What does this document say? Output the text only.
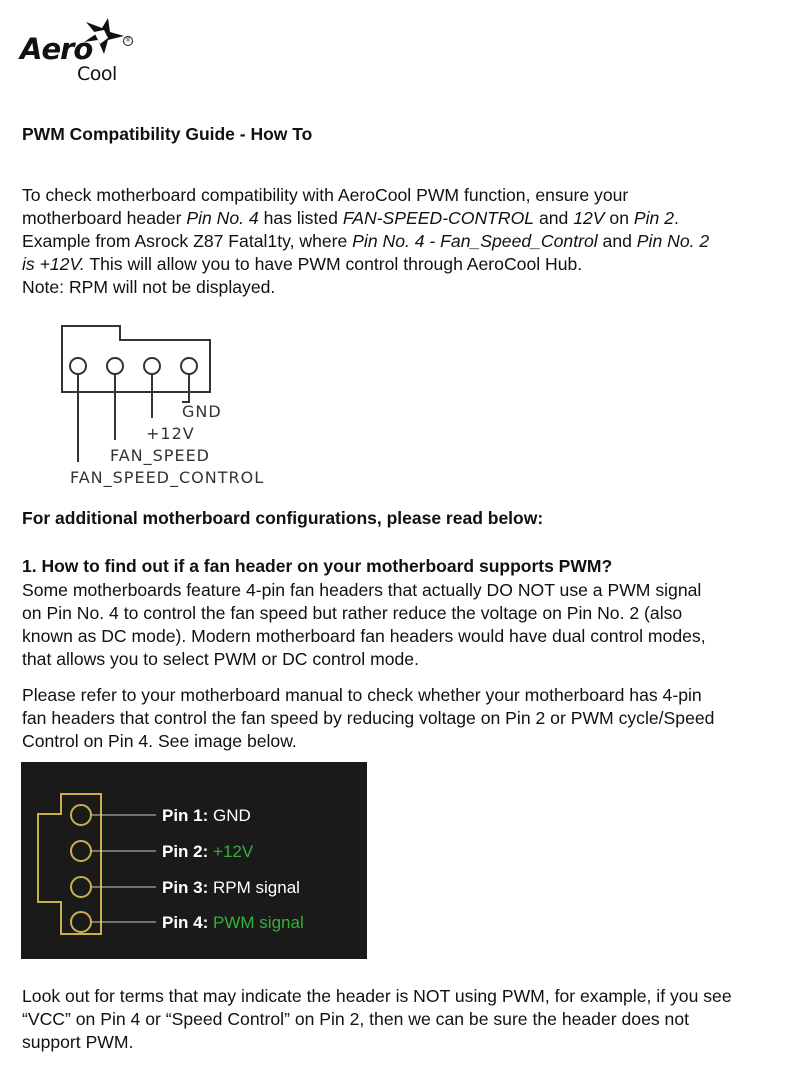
Aero
Cool
®
PWM Compatibility Guide - How To
To check motherboard compatibility with AeroCool PWM function, ensure your
motherboard header Pin No. 4 has listed FAN-SPEED-CONTROL and 12V on Pin 2.
Example from Asrock Z87 Fatal1ty, where Pin No. 4 - Fan_Speed_Control and Pin No. 2
is +12V. This will allow you to have PWM control through AeroCool Hub.
Note: RPM will not be displayed.
GND
+12V
FAN_SPEED
FAN_SPEED_CONTROL
For additional motherboard configurations, please read below:
1. How to find out if a fan header on your motherboard supports PWM?
Some motherboards feature 4-pin fan headers that actually DO NOT use a PWM signal
on Pin No. 4 to control the fan speed but rather reduce the voltage on Pin No. 2 (also
known as DC mode). Modern motherboard fan headers would have dual control modes,
that allows you to select PWM or DC control mode.
Please refer to your motherboard manual to check whether your motherboard has 4-pin
fan headers that control the fan speed by reducing voltage on Pin 2 or PWM cycle/Speed
Control on Pin 4. See image below.
Pin 1: GND
Pin 2: +12V
Pin 3: RPM signal
Pin 4: PWM signal
Look out for terms that may indicate the header is NOT using PWM, for example, if you see
“VCC” on Pin 4 or “Speed Control” on Pin 2, then we can be sure the header does not
support PWM.
